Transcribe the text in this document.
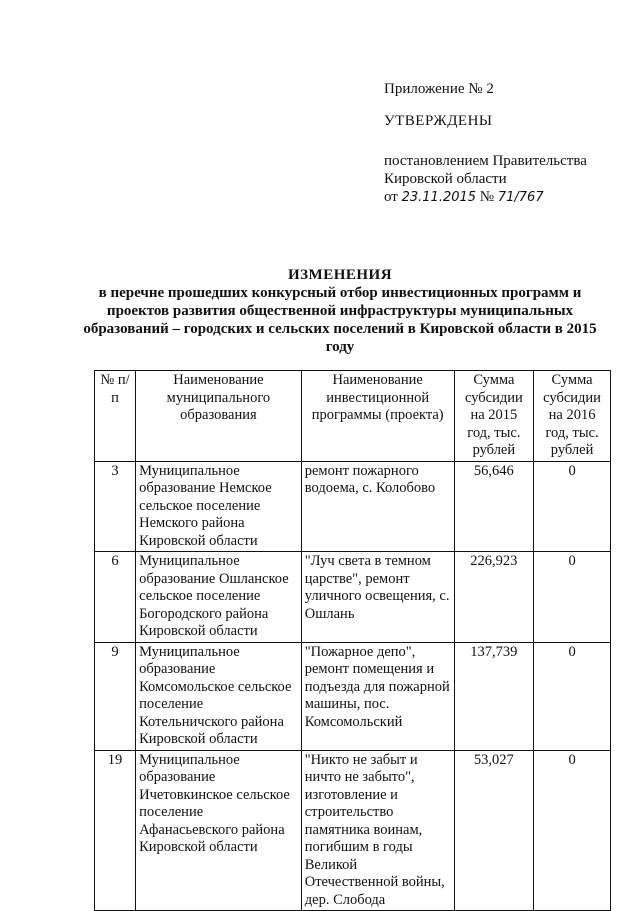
Приложение № 2
УТВЕРЖДЕНЫ
постановлением Правительства
Кировской области
от 23.11.2015 № 71/767
ИЗМЕНЕНИЯ
в перечне прошедших конкурсный отбор инвестиционных программ и проектов развития общественной инфраструктуры муниципальных образований – городских и сельских поселений в Кировской области в 2015 году
№ п/п	Наименование муниципального образования	Наименование инвестиционной программы (проекта)	Сумма субсидии на 2015 год, тыс. рублей	Сумма субсидии на 2016 год, тыс. рублей
3	Муниципальное образование Немское сельское поселение Немского района Кировской области	ремонт пожарного водоема, с. Колобово	56,646	0
6	Муниципальное образование Ошланское сельское поселение Богородского района Кировской области	"Луч света в темном царстве", ремонт уличного освещения, с. Ошлань	226,923	0
9	Муниципальное образование Комсомольское сельское поселение Котельничского района Кировской области	"Пожарное депо", ремонт помещения и подъезда для пожарной машины, пос. Комсомольский	137,739	0
19	Муниципальное образование Ичетовкинское сельское поселение Афанасьевского района Кировской области	"Никто не забыт и ничто не забыто", изготовление и строительство памятника воинам, погибшим в годы Великой Отечественной войны, дер. Слобода	53,027	0
